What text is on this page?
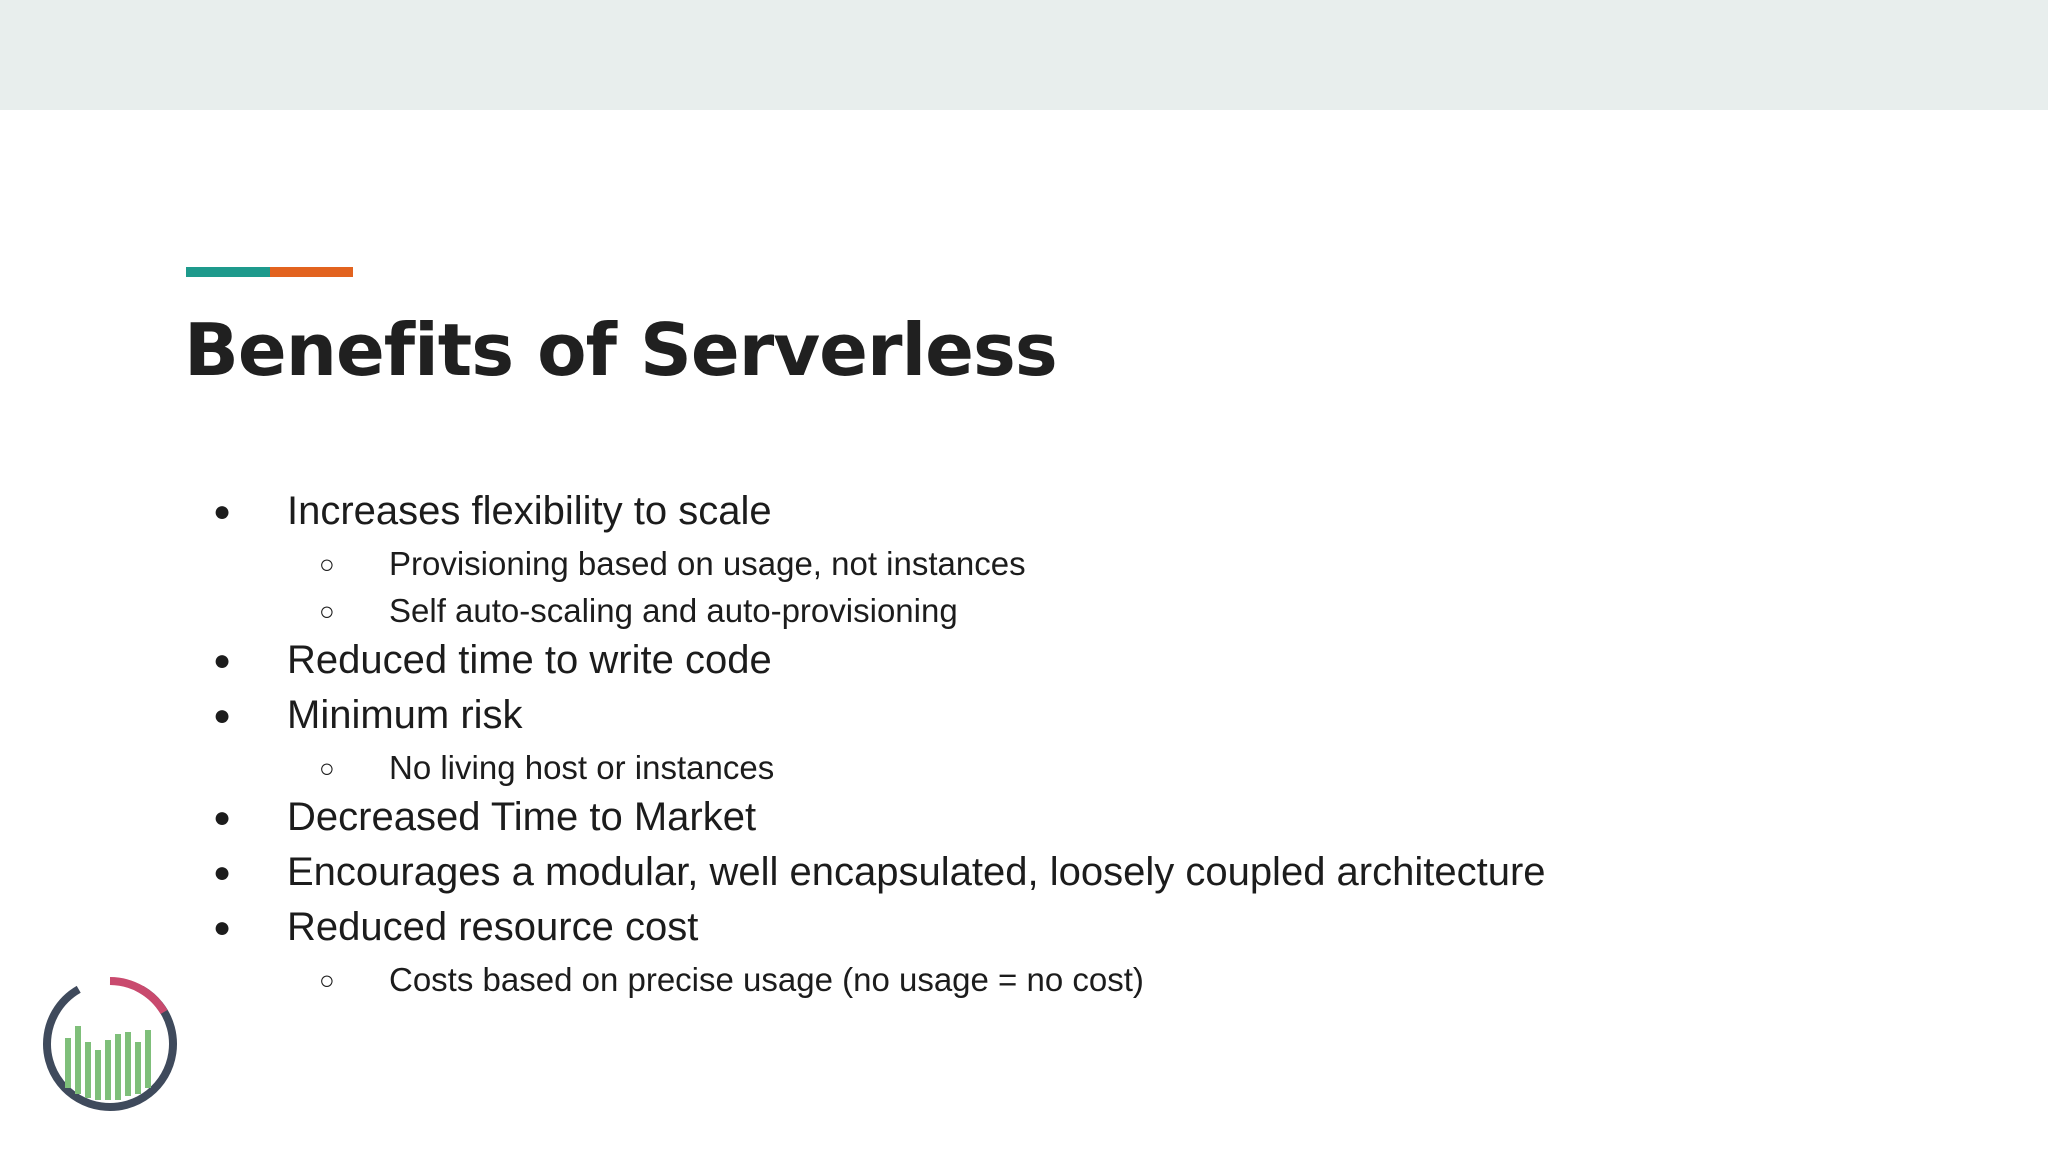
Benefits of Serverless
● Increases flexibility to scale
○ Provisioning based on usage, not instances
○ Self auto-scaling and auto-provisioning
● Reduced time to write code
● Minimum risk
○ No living host or instances
● Decreased Time to Market
● Encourages a modular, well encapsulated, loosely coupled architecture
● Reduced resource cost
○ Costs based on precise usage (no usage = no cost)
